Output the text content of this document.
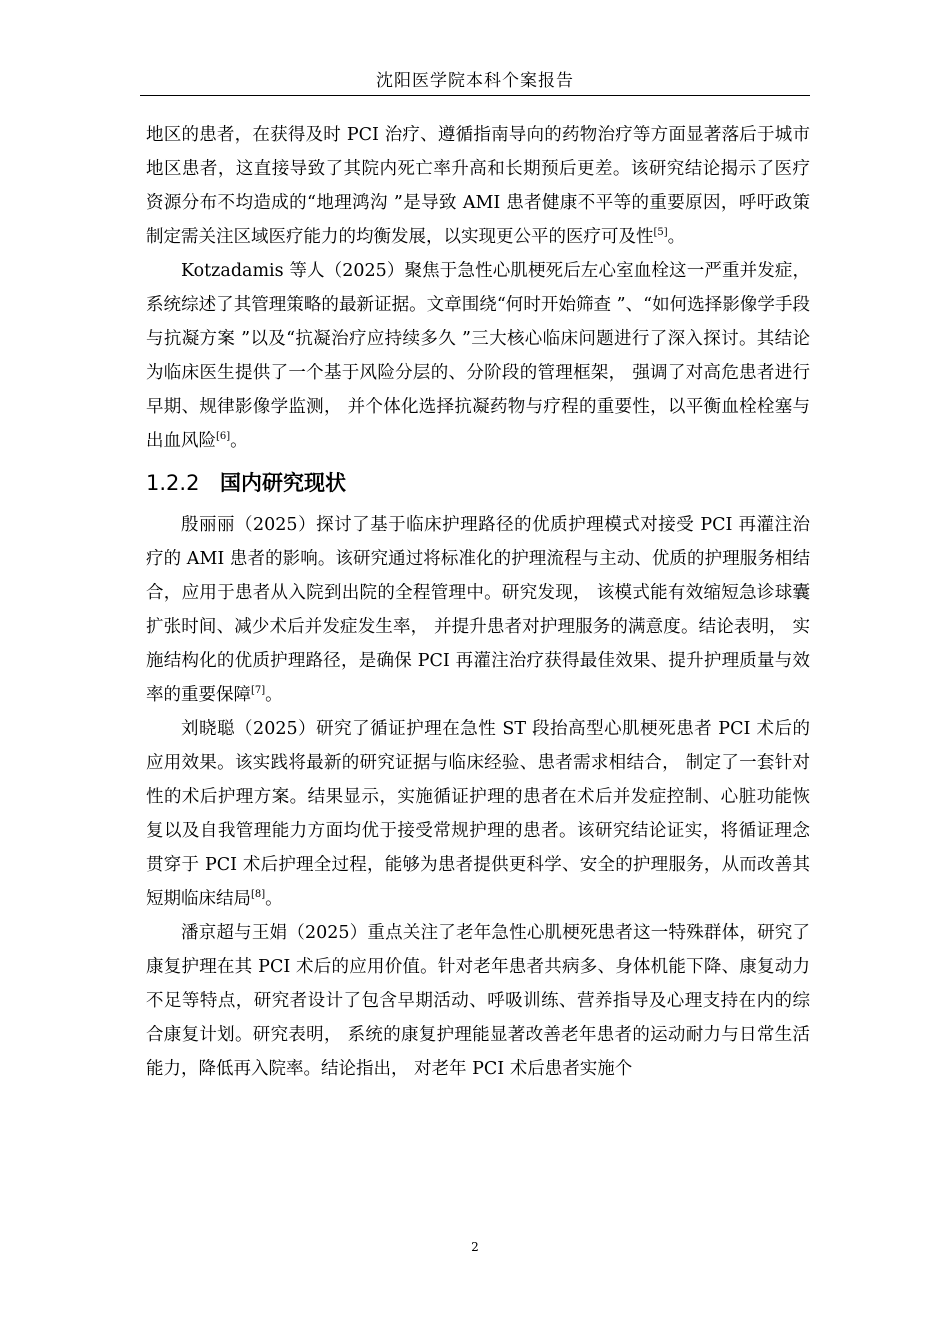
沈阳医学院本科个案报告

地区的患者，在获得及时 PCI 治疗、遵循指南导向的药物治疗等方面显著落后于城市地区患者，这直接导致了其院内死亡率升高和长期预后更差。该研究结论揭示了医疗资源分布不均造成的“地理鸿沟 ”是导致 AMI 患者健康不平等的重要原因，呼吁政策制定需关注区域医疗能力的均衡发展，以实现更公平的医疗可及性[5]。

Kotzadamis 等人（2025）聚焦于急性心肌梗死后左心室血栓这一严重并发症，系统综述了其管理策略的最新证据。文章围绕“何时开始筛查 ”、“如何选择影像学手段与抗凝方案 ”以及“抗凝治疗应持续多久 ”三大核心临床问题进行了深入探讨。其结论为临床医生提供了一个基于风险分层的、分阶段的管理框架， 强调了对高危患者进行早期、规律影像学监测， 并个体化选择抗凝药物与疗程的重要性，以平衡血栓栓塞与出血风险[6]。

1.2.2 国内研究现状

殷丽丽（2025）探讨了基于临床护理路径的优质护理模式对接受 PCI 再灌注治疗的 AMI 患者的影响。该研究通过将标准化的护理流程与主动、优质的护理服务相结合，应用于患者从入院到出院的全程管理中。研究发现， 该模式能有效缩短急诊球囊扩张时间、减少术后并发症发生率， 并提升患者对护理服务的满意度。结论表明， 实施结构化的优质护理路径，是确保 PCI 再灌注治疗获得最佳效果、提升护理质量与效率的重要保障[7]。

刘晓聪（2025）研究了循证护理在急性 ST 段抬高型心肌梗死患者 PCI 术后的应用效果。该实践将最新的研究证据与临床经验、患者需求相结合， 制定了一套针对性的术后护理方案。结果显示，实施循证护理的患者在术后并发症控制、心脏功能恢复以及自我管理能力方面均优于接受常规护理的患者。该研究结论证实，将循证理念贯穿于 PCI 术后护理全过程，能够为患者提供更科学、安全的护理服务，从而改善其短期临床结局[8]。

潘京超与王娟（2025）重点关注了老年急性心肌梗死患者这一特殊群体，研究了康复护理在其 PCI 术后的应用价值。针对老年患者共病多、身体机能下降、康复动力不足等特点，研究者设计了包含早期活动、呼吸训练、营养指导及心理支持在内的综合康复计划。研究表明， 系统的康复护理能显著改善老年患者的运动耐力与日常生活能力，降低再入院率。结论指出， 对老年 PCI 术后患者实施个

2
